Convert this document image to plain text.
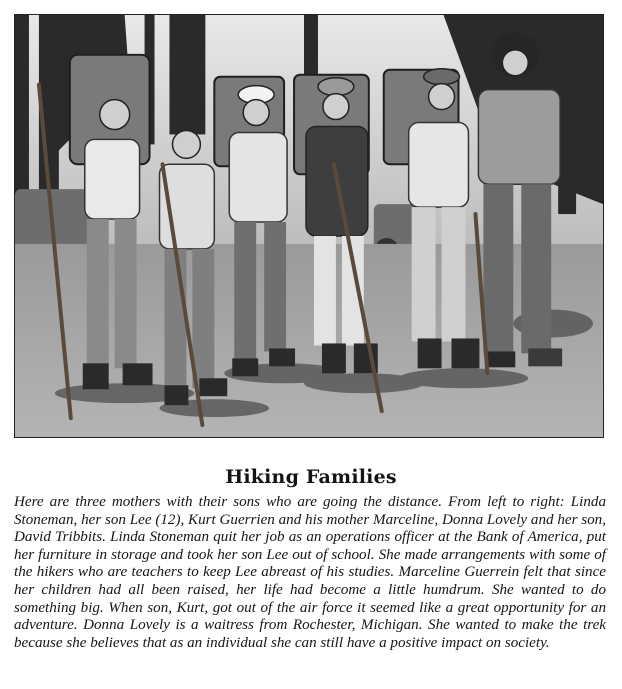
Hiking Families

Here are three mothers with their sons who are going the distance. From left to right: Linda Stoneman, her son Lee (12), Kurt Guerrien and his mother Marceline, Donna Lovely and her son, David Tribbits. Linda Stoneman quit her job as an operations officer at the Bank of America, put her furniture in storage and took her son Lee out of school. She made arrangements with some of the hikers who are teachers to keep Lee abreast of his studies. Marceline Guerrein felt that since her children had all been raised, her life had become a little humdrum. She wanted to do something big. When son, Kurt, got out of the air force it seemed like a great opportunity for an adventure. Donna Lovely is a waitress from Rochester, Michigan. She wanted to make the trek because she believes that as an individual she can still have a positive impact on society.
